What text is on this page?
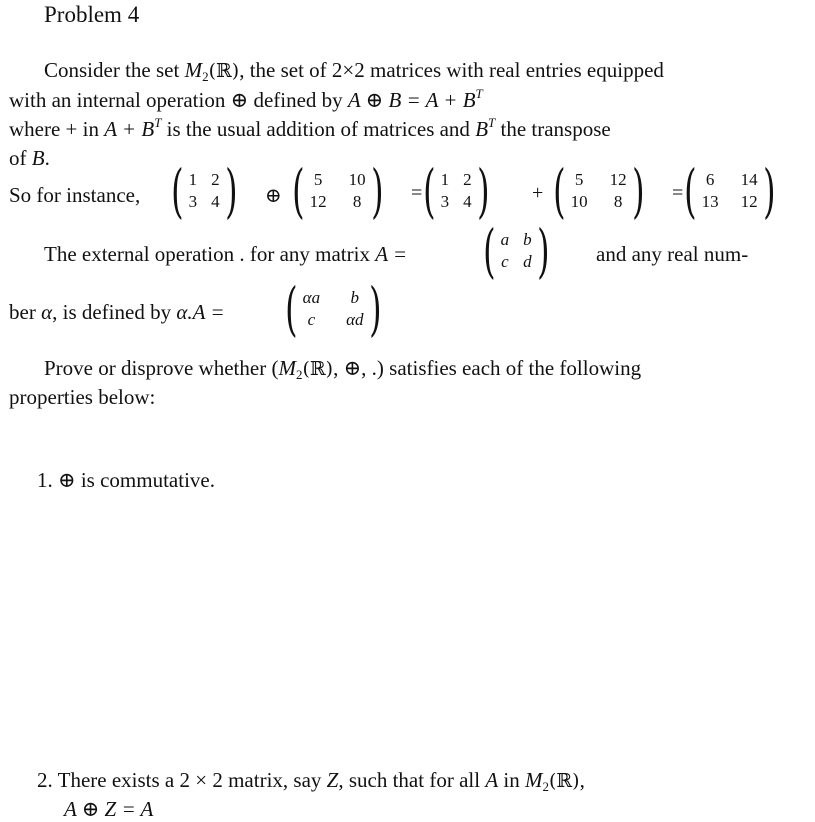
Problem 4
Consider the set $M_2(ℝ)$, the set of 2×2 matrices with real entries equipped
with an internal operation ⊕ defined by A ⊕ $B = A + B^T$
where + in $A + B^T$ is the usual addition of matrices and $B^T$ the transpose
of B.
So for instance, ( 1 2
3 4 ) ⊕ ( 5 10
12 8 ) = ( 1 2
3 4 ) + ( 5 12
10 8 ) = ( 6 14
13 12 )
The external operation . for any matrix A = ( a b
c d ) and any real num-
ber α, is defined by α.A = ( αa b
c αd )
Prove or disprove whether ($M_2(ℝ)$, ⊕, .) satisfies each of the following
properties below:
1. ⊕ is commutative.
2. There exists a 2 × 2 matrix, say Z, such that for all A in $M_2(ℝ)$,
A ⊕ Z = A
